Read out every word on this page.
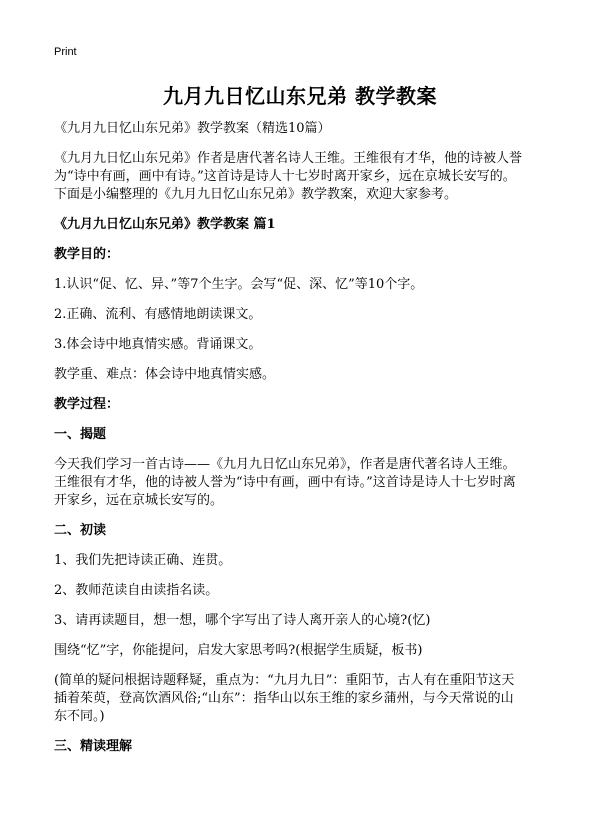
Print
九月九日忆山东兄弟 教学教案

《九月九日忆山东兄弟》教学教案（精选10篇）

《九月九日忆山东兄弟》作者是唐代著名诗人王维。王维很有才华，他的诗被人誉

为“诗中有画，画中有诗。”这首诗是诗人十七岁时离开家乡，远在京城长安写的。

下面是小编整理的《九月九日忆山东兄弟》教学教案，欢迎大家参考。

《九月九日忆山东兄弟》教学教案 篇1

教学目的：

1.认识“促、忆、异、”等7个生字。会写“促、深、忆”等10个字。

2.正确、流利、有感情地朗读课文。

3.体会诗中地真情实感。背诵课文。

教学重、难点：体会诗中地真情实感。

教学过程：

一、揭题

今天我们学习一首古诗——《九月九日忆山东兄弟》，作者是唐代著名诗人王维。

王维很有才华，他的诗被人誉为“诗中有画，画中有诗。”这首诗是诗人十七岁时离

开家乡，远在京城长安写的。

二、初读

1、我们先把诗读正确、连贯。

2、教师范读自由读指名读。

3、请再读题目，想一想，哪个字写出了诗人离开亲人的心境?(忆)

围绕“忆”字，你能提问，启发大家思考吗?(根据学生质疑，板书)

(简单的疑问根据诗题释疑，重点为：“九月九日”：重阳节，古人有在重阳节这天

插着茱萸，登高饮酒风俗;“山东”：指华山以东王维的家乡蒲州，与今天常说的山

东不同。)

三、精读理解
